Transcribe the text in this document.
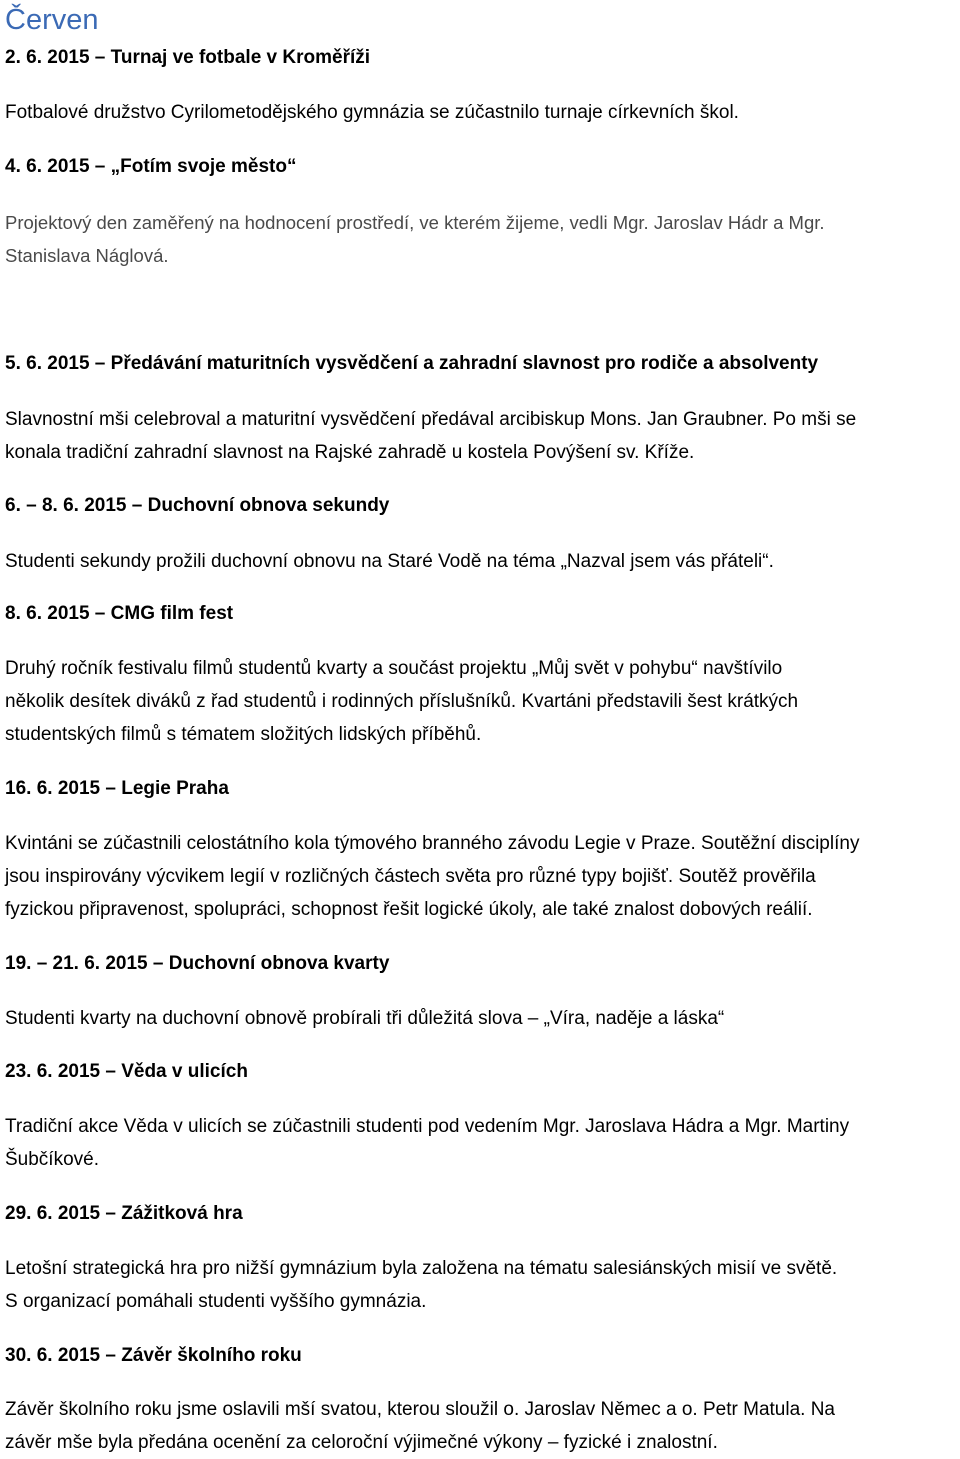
Červen
2. 6. 2015 – Turnaj ve fotbale v Kroměříži

Fotbalové družstvo Cyrilometodějského gymnázia se zúčastnilo turnaje církevních škol.

4. 6. 2015 – „Fotím svoje město“

Projektový den zaměřený na hodnocení prostředí, ve kterém žijeme, vedli Mgr. Jaroslav Hádr a Mgr.
Stanislava Náglová.

5. 6. 2015 – Předávání maturitních vysvědčení a zahradní slavnost pro rodiče a absolventy

Slavnostní mši celebroval a maturitní vysvědčení předával arcibiskup Mons. Jan Graubner. Po mši se
konala tradiční zahradní slavnost na Rajské zahradě u kostela Povýšení sv. Kříže.

6. – 8. 6. 2015 – Duchovní obnova sekundy

Studenti sekundy prožili duchovní obnovu na Staré Vodě na téma „Nazval jsem vás přáteli“.

8. 6. 2015 – CMG film fest

Druhý ročník festivalu filmů studentů kvarty a součást projektu „Můj svět v pohybu“ navštívilo
několik desítek diváků z řad studentů i rodinných příslušníků. Kvartáni představili šest krátkých
studentských filmů s tématem složitých lidských příběhů.

16. 6. 2015 – Legie Praha

Kvintáni se zúčastnili celostátního kola týmového branného závodu Legie v Praze. Soutěžní disciplíny
jsou inspirovány výcvikem legií v rozličných částech světa pro různé typy bojišť. Soutěž prověřila
fyzickou připravenost, spolupráci, schopnost řešit logické úkoly, ale také znalost dobových reálií.

19. – 21. 6. 2015 – Duchovní obnova kvarty

Studenti kvarty na duchovní obnově probírali tři důležitá slova – „Víra, naděje a láska“

23. 6. 2015 – Věda v ulicích

Tradiční akce Věda v ulicích se zúčastnili studenti pod vedením Mgr. Jaroslava Hádra a Mgr. Martiny
Šubčíkové.

29. 6. 2015 – Zážitková hra

Letošní strategická hra pro nižší gymnázium byla založena na tématu salesiánských misií ve světě.
S organizací pomáhali studenti vyššího gymnázia.

30. 6. 2015 – Závěr školního roku

Závěr školního roku jsme oslavili mší svatou, kterou sloužil o. Jaroslav Němec a o. Petr Matula. Na
závěr mše byla předána ocenění za celoroční výjimečné výkony – fyzické i znalostní.
